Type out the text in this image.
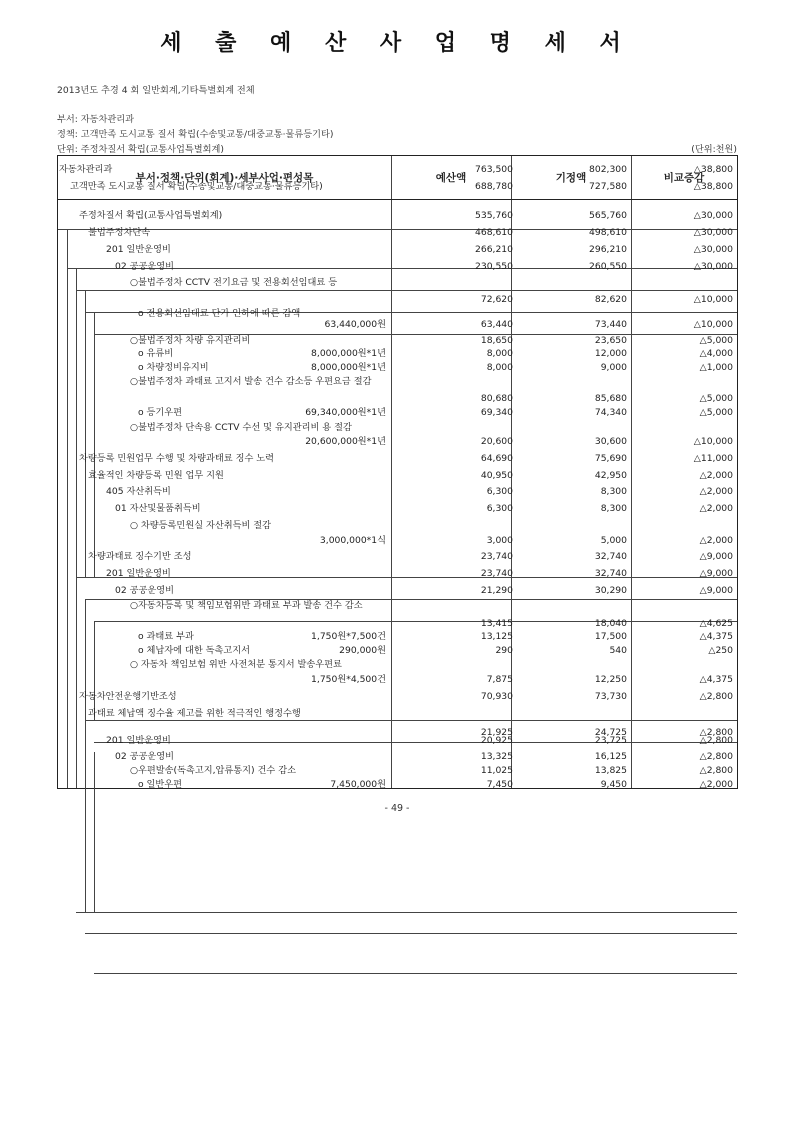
세 출 예 산 사 업 명 세 서
2013년도 추경 4 회 일반회계,기타특별회계 전체
부서: 자동차관리과
정책: 고객만족 도시교통 질서 확립(수송및교통/대중교통·물류등기타)
단위: 주정차질서 확립(교통사업특별회계)	(단위:천원)
부서·정책·단위(회계)·세부사업·편성목	예산액	기정액	비교증감
자동차관리과	763,500	802,300	△38,800
고객만족 도시교통 질서 확립(수송및교통/대중교통·물류등기타)	688,780	727,580	△38,800
주정차질서 확립(교통사업특별회계)	535,760	565,760	△30,000
불법주정차단속	468,610	498,610	△30,000
201 일반운영비	266,210	296,210	△30,000
02 공공운영비	230,550	260,550	△30,000
○불법주정차 CCTV 전기요금 및 전용회선임대료 등
72,620	82,620	△10,000
o 전용회선임대료 단가 인하에 따른 감액
63,440,000원	63,440	73,440	△10,000
○불법주정차 차량 유지관리비	18,650	23,650	△5,000
o 유류비	8,000,000원*1년	8,000	12,000	△4,000
o 차량정비유지비	8,000,000원*1년	8,000	9,000	△1,000
○불법주정차 과태료 고지서 발송 건수 감소등 우편요금 절감
80,680	85,680	△5,000
o 등기우편	69,340,000원*1년	69,340	74,340	△5,000
○불법주정차 단속용 CCTV 수선 및 유지관리비 용 절감
20,600,000원*1년	20,600	30,600	△10,000
차량등록 민원업무 수행 및 차량과태료 징수 노력	64,690	75,690	△11,000
효율적인 차량등록 민원 업무 지원	40,950	42,950	△2,000
405 자산취득비	6,300	8,300	△2,000
01 자산및물품취득비	6,300	8,300	△2,000
○ 차량등록민원실 자산취득비 절감
3,000,000*1식	3,000	5,000	△2,000
차량과태료 징수기반 조성	23,740	32,740	△9,000
201 일반운영비	23,740	32,740	△9,000
02 공공운영비	21,290	30,290	△9,000
○자동차등록 및 책임보험위반 과태료 부과 발송 건수 감소
13,415	18,040	△4,625
o 과태료 부과	1,750원*7,500건	13,125	17,500	△4,375
o 체납자에 대한 독촉고지서	290,000원	290	540	△250
○ 자동차 책임보험 위반 사전처분 통지서 발송우편료
1,750원*4,500건	7,875	12,250	△4,375
자동차안전운행기반조성	70,930	73,730	△2,800
과태료 체납액 징수율 제고를 위한 적극적인 행정수행
21,925	24,725	△2,800
201 일반운영비	20,925	23,725	△2,800
02 공공운영비	13,325	16,125	△2,800
○우편발송(독촉고지,압류통지) 건수 감소	11,025	13,825	△2,800
o 일반우편	7,450,000원	7,450	9,450	△2,000
- 49 -
